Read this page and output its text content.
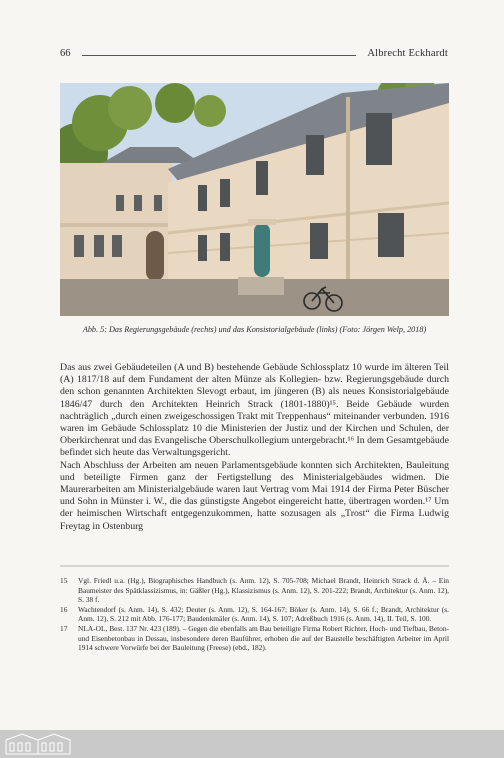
66	Albrecht Eckhardt
Abb. 5: Das Regierungsgebäude (rechts) und das Konsistorialgebäude (links) (Foto: Jörgen Welp, 2018)

Das aus zwei Gebäudeteilen (A und B) bestehende Gebäude Schlossplatz 10 wurde im älteren Teil (A) 1817/18 auf dem Fundament der alten Münze als Kollegien- bzw. Regierungsgebäude durch den schon genannten Architekten Slevogt erbaut, im jüngeren (B) als neues Konsistorialgebäude 1846/47 durch den Architekten Heinrich Strack (1801-1880)¹⁵. Beide Gebäude wurden nachträglich „durch einen zweigeschossigen Trakt mit Treppenhaus“ miteinander verbunden. 1916 waren im Gebäude Schlossplatz 10 die Ministerien der Justiz und der Kirchen und Schulen, der Oberkirchenrat und das Evangelische Oberschulkollegium untergebracht.¹⁶ In dem Gesamtgebäude befindet sich heute das Verwaltungsgericht.

Nach Abschluss der Arbeiten am neuen Parlamentsgebäude konnten sich Architekten, Bauleitung und beteiligte Firmen ganz der Fertigstellung des Ministerialgebäudes widmen. Die Maurerarbeiten am Ministerialgebäude waren laut Vertrag vom Mai 1914 der Firma Peter Büscher und Sohn in Münster i. W., die das günstigste Angebot eingereicht hatte, übertragen worden.¹⁷ Um der heimischen Wirtschaft entgegenzukommen, hatte sozusagen als „Trost“ die Firma Ludwig Freytag in Ostenburg

15	Vgl. Friedl u.a. (Hg.), Biographisches Handbuch (s. Anm. 12), S. 705-708; Michael Brandt, Heinrich Strack d. Ä. – Ein Baumeister des Spätklassizismus, in: Gäßler (Hg.), Klassizismus (s. Anm. 12), S. 201-222; Brandt, Architektur (s. Anm. 12), S. 38 f.
16	Wachtendorf (s. Anm. 14), S. 432; Deuter (s. Anm. 12), S. 164-167; Böker (s. Anm. 14), S. 66 f.; Brandt, Architektur (s. Anm. 12), S. 212 mit Abb. 176-177; Baudenkmäler (s. Anm. 14), S. 107; Adreßbuch 1916 (s. Anm. 14), II. Teil, S. 100.
17	NLA-OL, Best. 137 Nr. 423 (189). – Gegen die ebenfalls am Bau beteiligte Firma Robert Richter, Hoch- und Tiefbau, Beton- und Eisenbetonbau in Dessau, insbesondere deren Bauführer, erhoben die auf der Baustelle beschäftigten Arbeiter im April 1914 schwere Vorwürfe bei der Bauleitung (Freese) (ebd., 182).
